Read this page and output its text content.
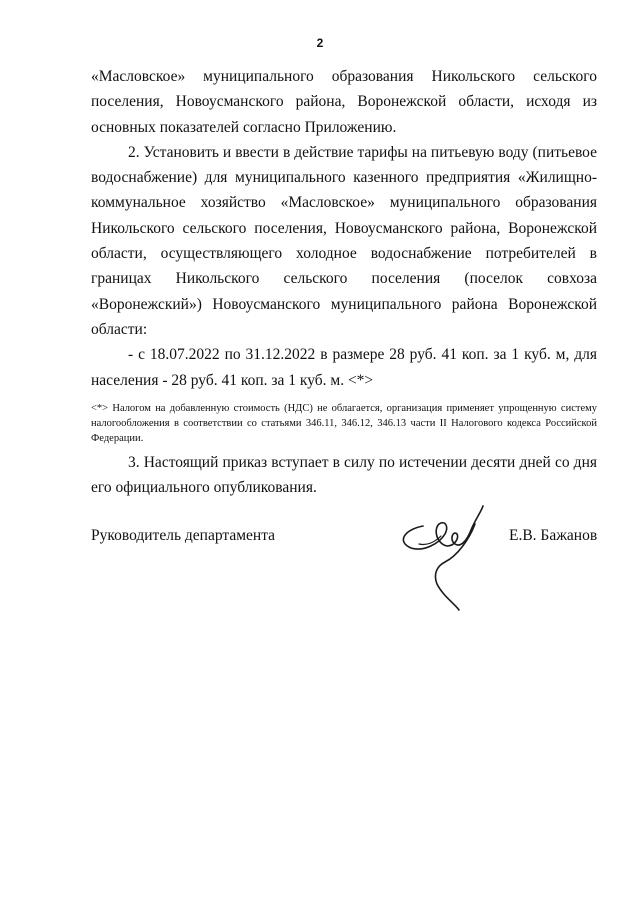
2

«Масловское» муниципального образования Никольского сельского поселения, Новоусманского района, Воронежской области, исходя из основных показателей согласно Приложению.

2. Установить и ввести в действие тарифы на питьевую воду (питьевое водоснабжение) для муниципального казенного предприятия «Жилищно-коммунальное хозяйство «Масловское» муниципального образования Никольского сельского поселения, Новоусманского района, Воронежской области, осуществляющего холодное водоснабжение потребителей в границах Никольского сельского поселения (поселок совхоза «Воронежский») Новоусманского муниципального района Воронежской области:

- с 18.07.2022 по 31.12.2022 в размере 28 руб. 41 коп. за 1 куб. м, для населения - 28 руб. 41 коп. за 1 куб. м. <*>

<*> Налогом на добавленную стоимость (НДС) не облагается, организация применяет упрощенную систему налогообложения в соответствии со статьями 346.11, 346.12, 346.13 части II Налогового кодекса Российской Федерации.

3. Настоящий приказ вступает в силу по истечении десяти дней со дня его официального опубликования.

Руководитель департамента	Е.В. Бажанов
